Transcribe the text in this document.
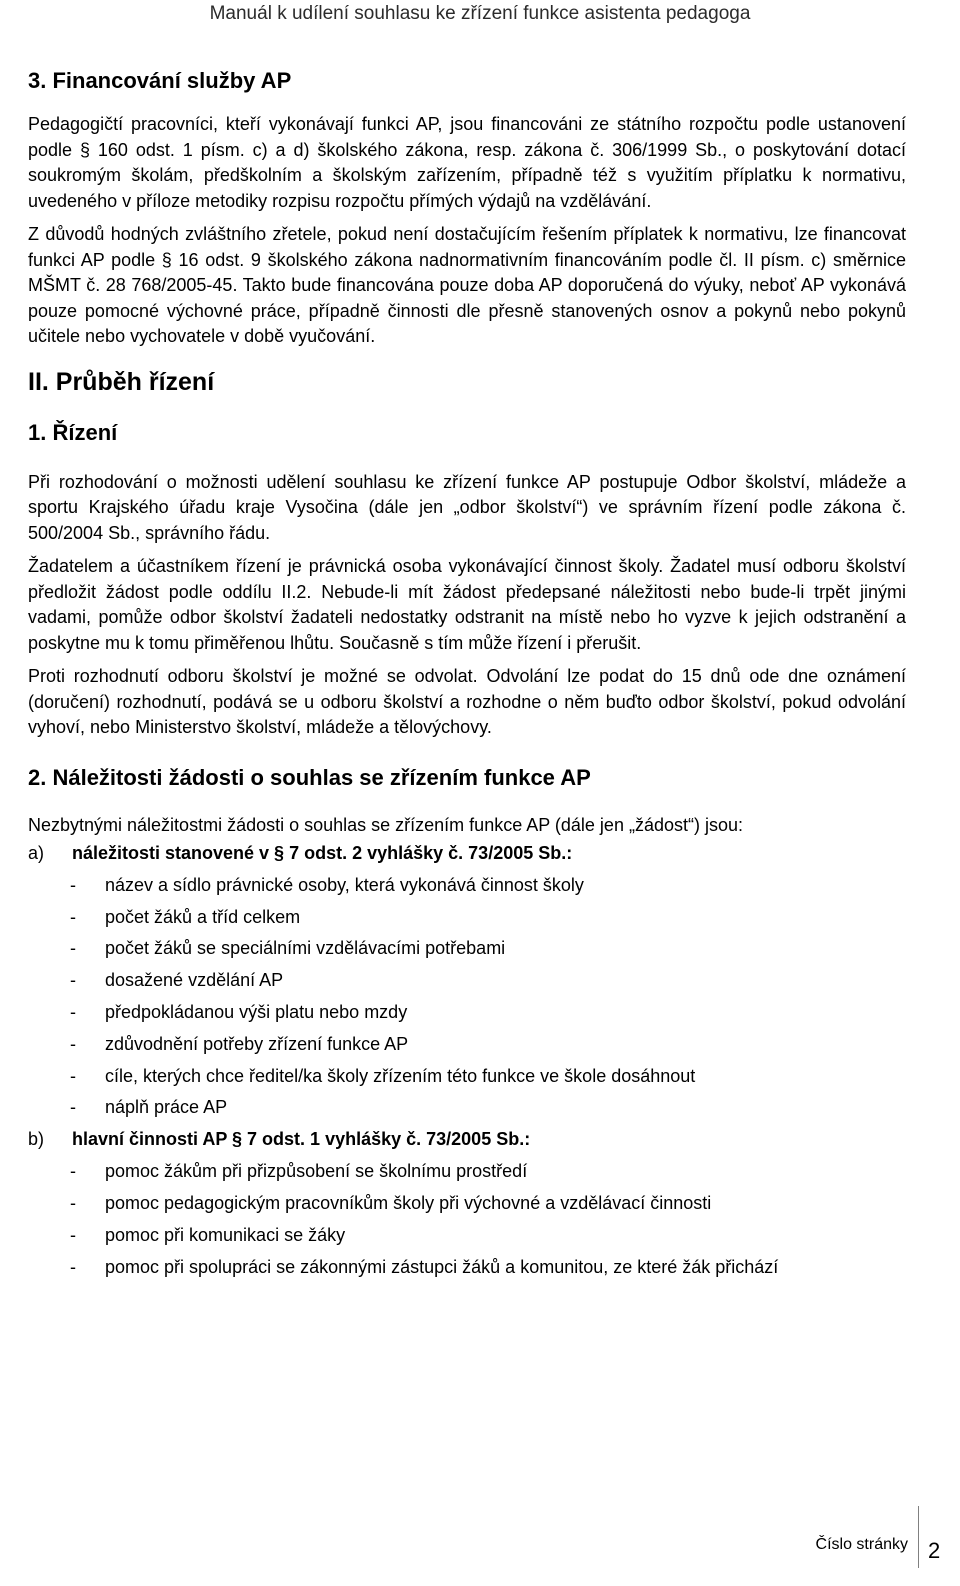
Manuál k udílení souhlasu ke zřízení funkce asistenta pedagoga
3. Financování služby AP

Pedagogičtí pracovníci, kteří vykonávají funkci AP, jsou financováni ze státního rozpočtu podle ustanovení podle § 160 odst. 1 písm. c) a d) školského zákona, resp. zákona č. 306/1999 Sb., o poskytování dotací soukromým školám, předškolním a školským zařízením, případně též s využitím příplatku k normativu, uvedeného v příloze metodiky rozpisu rozpočtu přímých výdajů na vzdělávání.

Z důvodů hodných zvláštního zřetele, pokud není dostačujícím řešením příplatek k normativu, lze financovat funkci AP podle § 16 odst. 9 školského zákona nadnormativním financováním podle čl. II písm. c) směrnice MŠMT č. 28 768/2005-45. Takto bude financována pouze doba AP doporučená do výuky, neboť AP vykonává pouze pomocné výchovné práce, případně činnosti dle přesně stanovených osnov a pokynů nebo pokynů učitele nebo vychovatele v době vyučování.

II. Průběh řízení
1. Řízení

Při rozhodování o možnosti udělení souhlasu ke zřízení funkce AP postupuje Odbor školství, mládeže a sportu Krajského úřadu kraje Vysočina (dále jen „odbor školství“) ve správním řízení podle zákona č. 500/2004 Sb., správního řádu.

Žadatelem a účastníkem řízení je právnická osoba vykonávající činnost školy. Žadatel musí odboru školství předložit žádost podle oddílu II.2. Nebude-li mít žádost předepsané náležitosti nebo bude-li trpět jinými vadami, pomůže odbor školství žadateli nedostatky odstranit na místě nebo ho vyzve k jejich odstranění a poskytne mu k tomu přiměřenou lhůtu. Současně s tím může řízení i přerušit.

Proti rozhodnutí odboru školství je možné se odvolat. Odvolání lze podat do 15 dnů ode dne oznámení (doručení) rozhodnutí, podává se u odboru školství a rozhodne o něm buďto odbor školství, pokud odvolání vyhoví, nebo Ministerstvo školství, mládeže a tělovýchovy.

2. Náležitosti žádosti o souhlas se zřízením funkce AP

Nezbytnými náležitostmi žádosti o souhlas se zřízením funkce AP (dále jen „žádost“) jsou:

a) náležitosti stanovené v § 7 odst. 2 vyhlášky č. 73/2005 Sb.:
- název a sídlo právnické osoby, která vykonává činnost školy
- počet žáků a tříd celkem
- počet žáků se speciálními vzdělávacími potřebami
- dosažené vzdělání AP
- předpokládanou výši platu nebo mzdy
- zdůvodnění potřeby zřízení funkce AP
- cíle, kterých chce ředitel/ka školy zřízením této funkce ve škole dosáhnout
- náplň práce AP
b) hlavní činnosti AP § 7 odst. 1 vyhlášky č. 73/2005 Sb.:
- pomoc žákům při přizpůsobení se školnímu prostředí
- pomoc pedagogickým pracovníkům školy při výchovné a vzdělávací činnosti
- pomoc při komunikaci se žáky
- pomoc při spolupráci se zákonnými zástupci žáků a komunitou, ze které žák přichází
Číslo stránky 2
